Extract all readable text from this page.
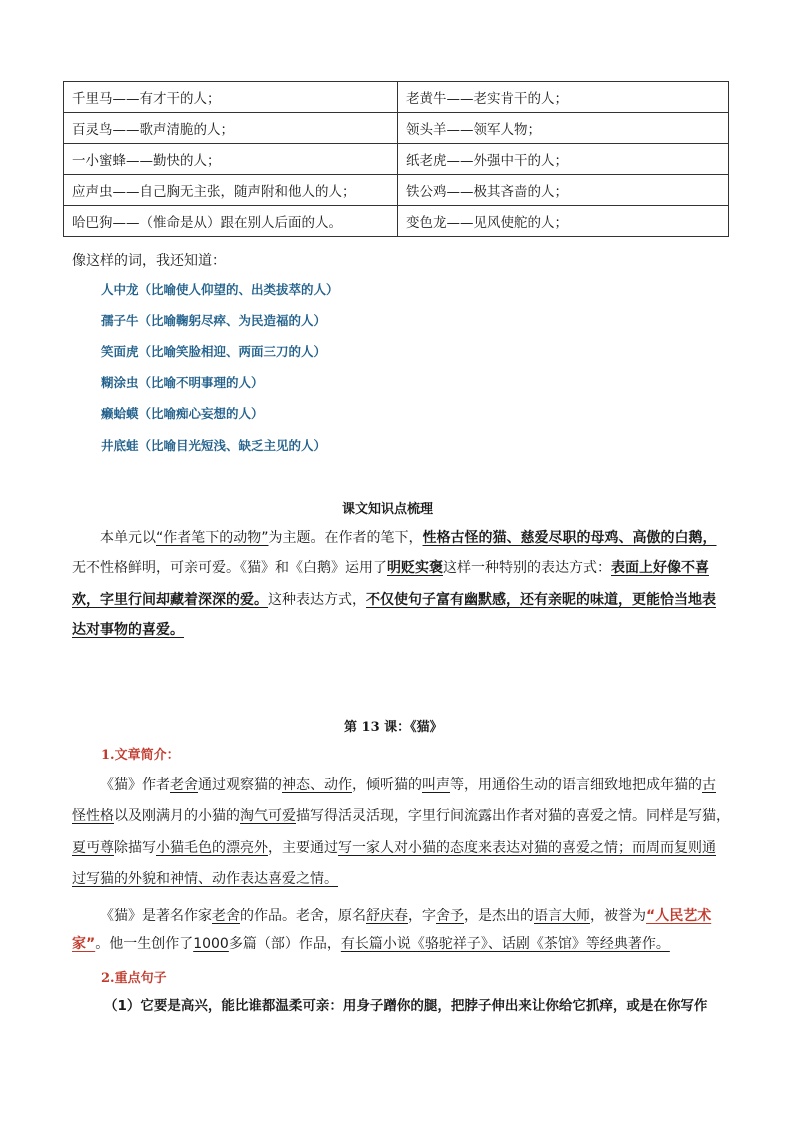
千里马——有才干的人；	老黄牛——老实肯干的人；
百灵鸟——歌声清脆的人；	领头羊——领军人物；
一小蜜蜂——勤快的人；	纸老虎——外强中干的人；
应声虫——自己胸无主张，随声附和他人的人；	铁公鸡——极其吝啬的人；
哈巴狗——（惟命是从）跟在别人后面的人。	变色龙——见风使舵的人；
像这样的词，我还知道：
人中龙（比喻使人仰望的、出类拔萃的人）
孺子牛（比喻鞠躬尽瘁、为民造福的人）
笑面虎（比喻笑脸相迎、两面三刀的人）
糊涂虫（比喻不明事理的人）
癞蛤蟆（比喻痴心妄想的人）
井底蛙（比喻目光短浅、缺乏主见的人）
课文知识点梳理
本单元以“作者笔下的动物”为主题。在作者的笔下，性格古怪的猫、慈爱尽职的母鸡、高傲的白鹅，
无不性格鲜明，可亲可爱。《猫》和《白鹅》运用了明贬实褒这样一种特别的表达方式：表面上好像不喜
欢，字里行间却藏着深深的爱。这种表达方式，不仅使句子富有幽默感，还有亲昵的味道，更能恰当地表
达对事物的喜爱。
第 13 课：《猫》
1.文章简介：
《猫》作者老舍通过观察猫的神态、动作，倾听猫的叫声等，用通俗生动的语言细致地把成年猫的古
怪性格以及刚满月的小猫的淘气可爱描写得活灵活现，字里行间流露出作者对猫的喜爱之情。同样是写猫，
夏丏尊除描写小猫毛色的漂亮外，主要通过写一家人对小猫的态度来表达对猫的喜爱之情；而周而复则通
过写猫的外貌和神情、动作表达喜爱之情。
《猫》是著名作家老舍的作品。老舍，原名舒庆春，字舍予，是杰出的语言大师，被誉为“人民艺术
家”。他一生创作了1000多篇（部）作品，有长篇小说《骆驼祥子》、话剧《茶馆》等经典著作。
2.重点句子
（1）它要是高兴，能比谁都温柔可亲：用身子蹭你的腿，把脖子伸出来让你给它抓痒，或是在你写作
